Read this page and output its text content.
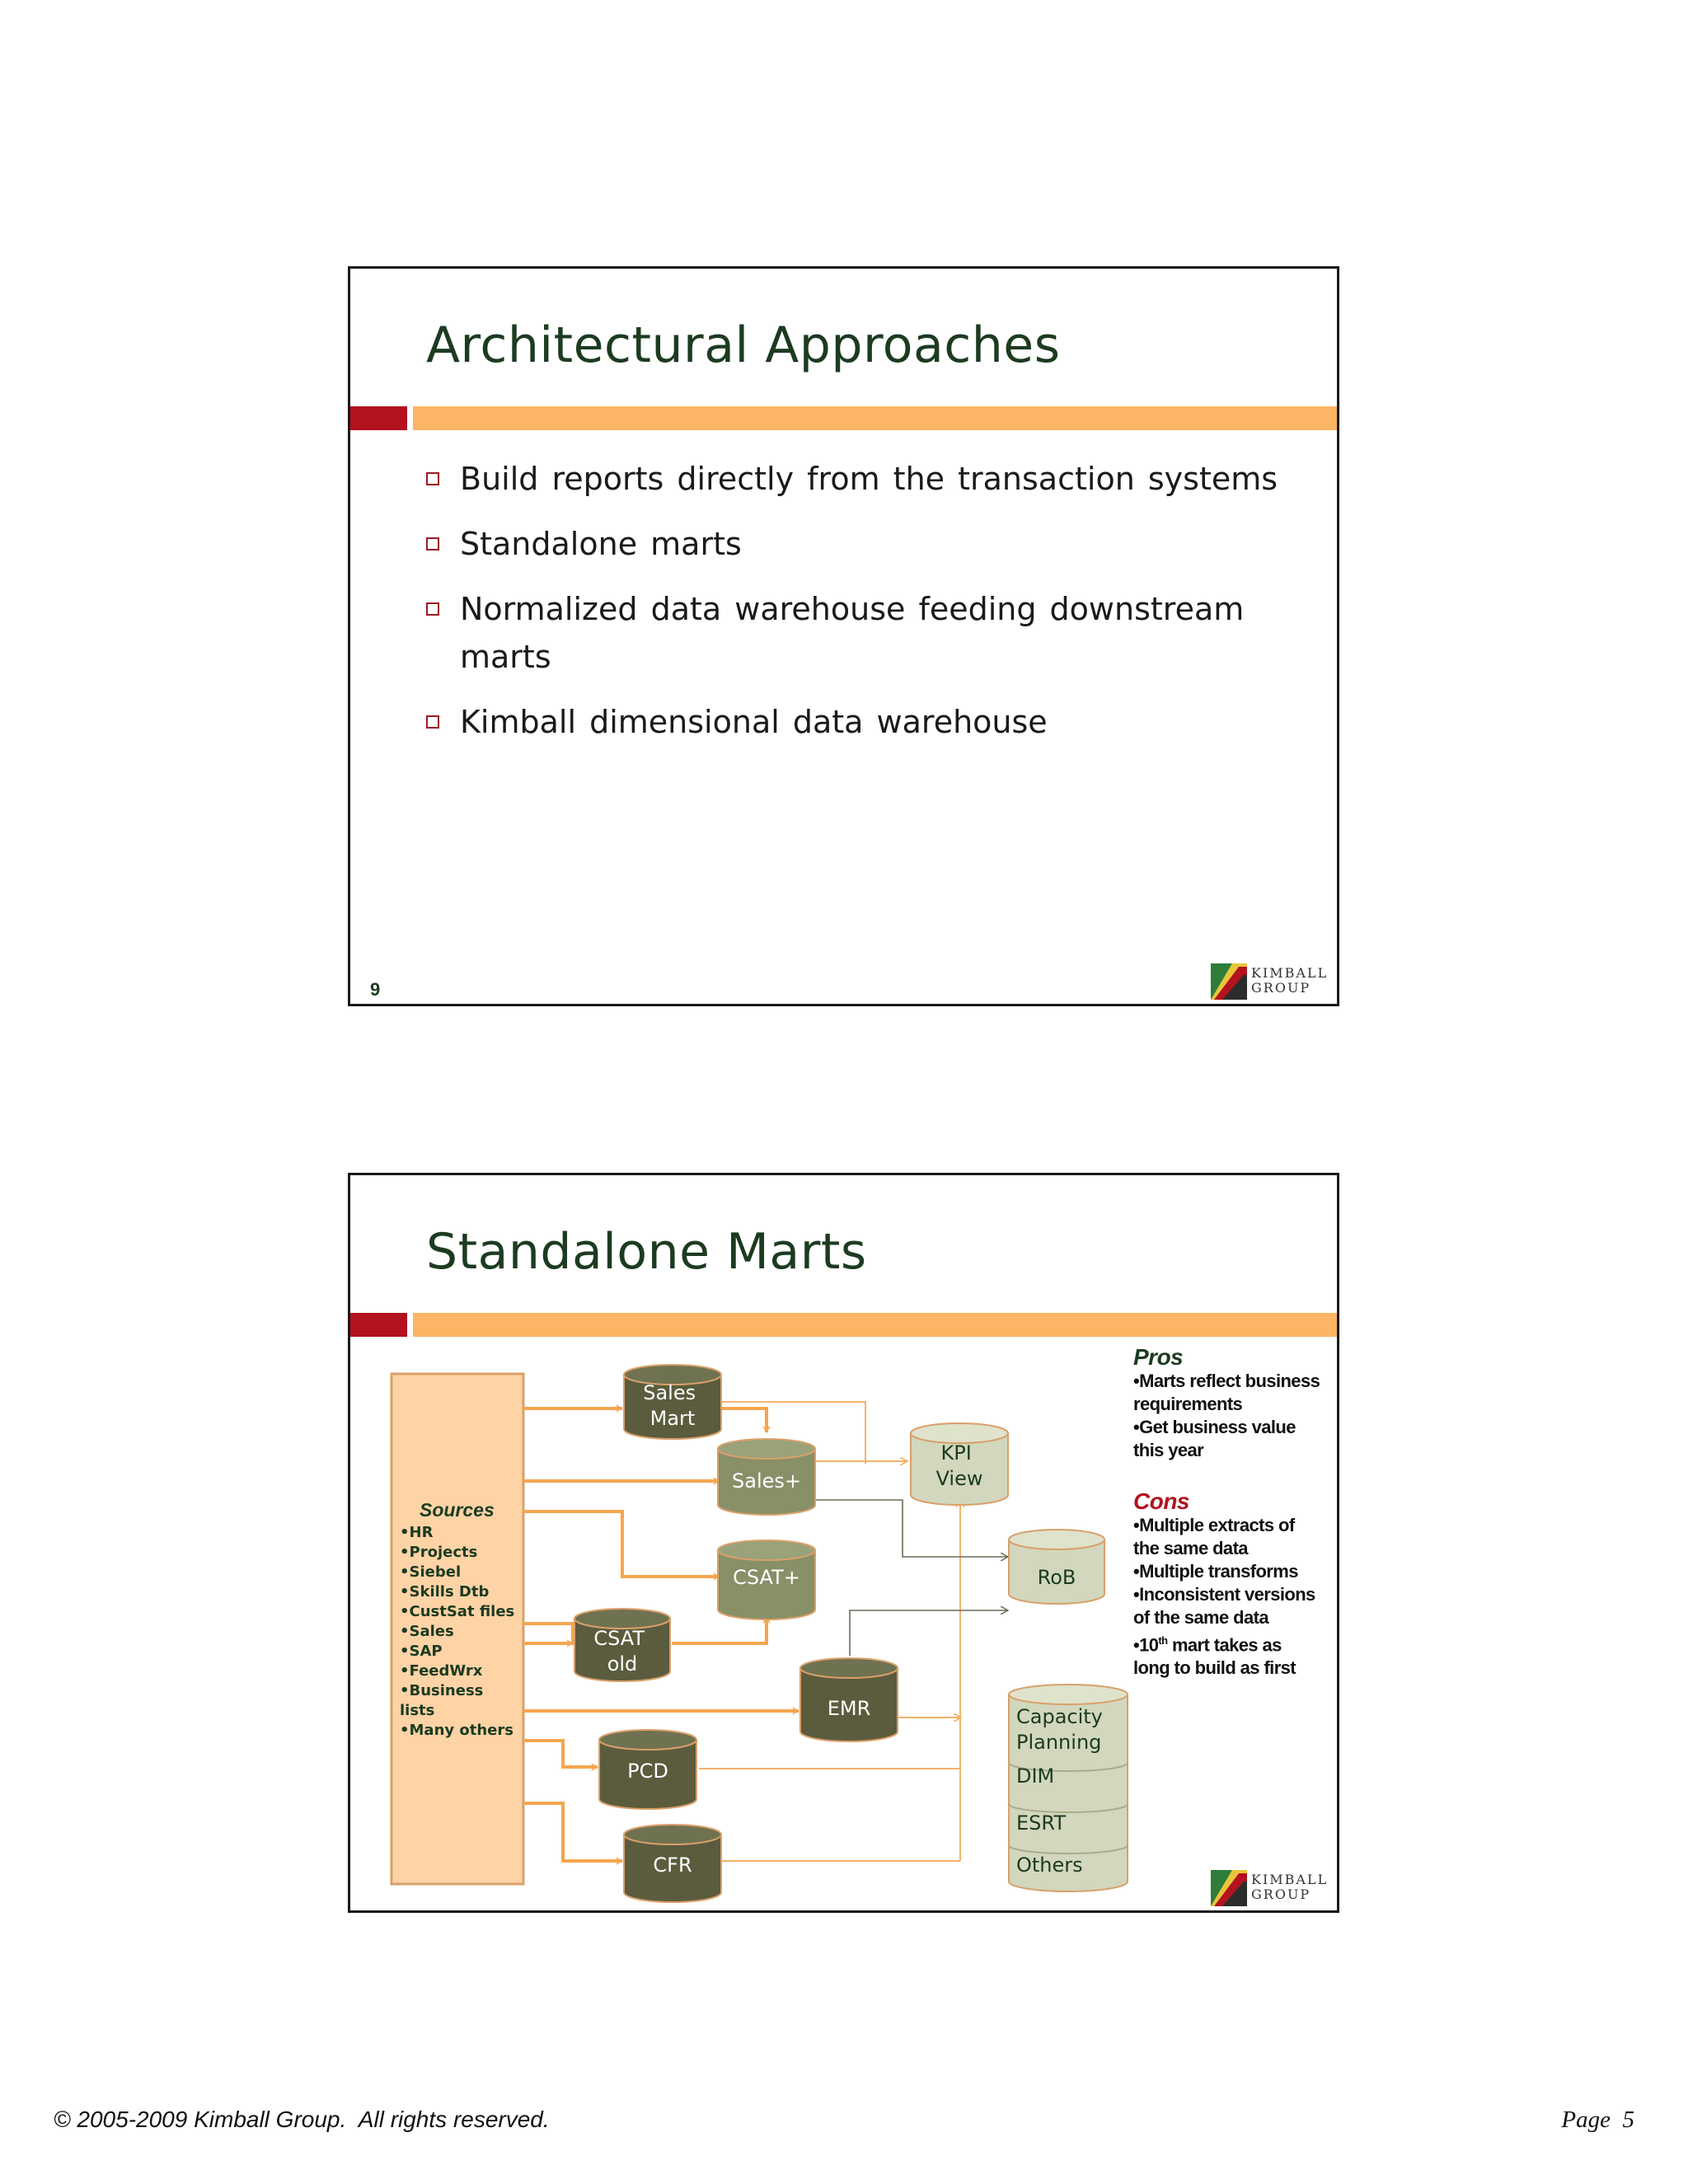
Architectural Approaches
Build reports directly from the transaction systems
Standalone marts
Normalized data warehouse feeding downstream marts
Kimball dimensional data warehouse
9
KIMBALL
GROUP
Standalone Marts
Sources
•HR •Projects •Siebel •Skills Dtb •CustSat files •Sales •SAP •FeedWrx •Business lists •Many others
Sales Mart
Sales+
CSAT+
CSAT old
EMR
PCD
CFR
KPI View
RoB
Capacity Planning
DIM
ESRT
Others
Pros
•Marts reflect business
requirements
•Get business value
this year
Cons
•Multiple extracts of
the same data
•Multiple transforms
•Inconsistent versions
of the same data
•10th mart takes as
long to build as first
KIMBALL
GROUP
© 2005-2009 Kimball Group.  All rights reserved.	Page  5
